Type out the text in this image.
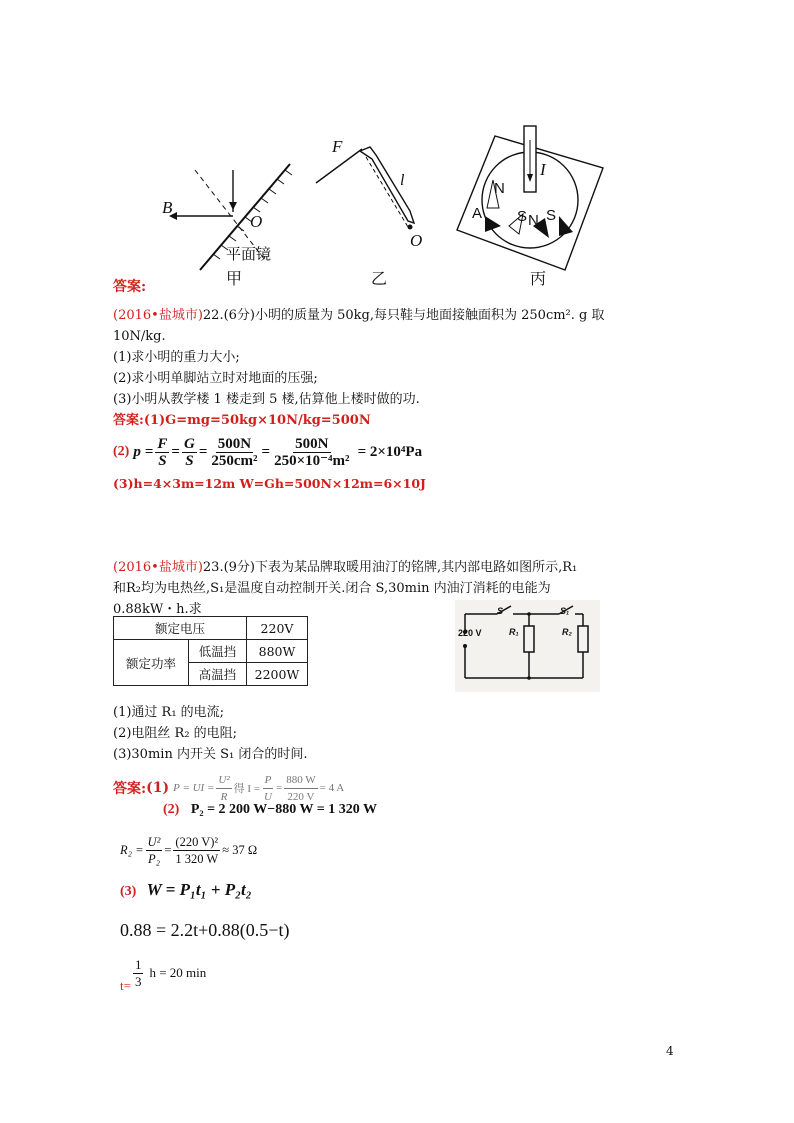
B
O
平面镜
甲
F
l
O
乙
I
N
A S N S
丙
答案:
(2016•盐城市)22.(6分)小明的质量为 50kg,每只鞋与地面接触面积为 250cm². g 取
10N/kg.
(1)求小明的重力大小;
(2)求小明单脚站立时对地面的压强;
(3)小明从教学楼 1 楼走到 5 楼,估算他上楼时做的功.
答案:(1)G=mg=50kg×10N/kg=500N
(2) $p = \frac{F}{S} = \frac{G}{S} = \frac{500N}{\text{250cm²}} = \frac{500N}{\text{250×10⁻⁴m²}} = 2\times 10^4Pa$
(3)h=4×3m=12m W=Gh=500N×12m=6×10J
(2016•盐城市)23.(9分)下表为某品牌取暖用油汀的铭牌,其内部电路如图所示,R₁
和R₂均为电热丝,S₁是温度自动控制开关.闭合 S,30min 内油汀消耗的电能为
0.88kW・h.求
额定电压		220V
额定功率	低温挡	880W
	高温挡	2200W
S	S₁
220 V	R₁	R₂
(1)通过 R₁ 的电流;
(2)电阻丝 R₂ 的电阻;
(3)30min 内开关 S₁ 闭合的时间.
答案: (1) P = UI = $\frac{\text{U²}}{R}$ 得 $I = \frac{P}{U} = \frac{880 W}{220 V} = 4$ A
(2) P₂ = 2 200 W−880 W = 1 320 W
$R_2 = \frac{\text{U²}}{\text{P₂}} = \frac{\text{(220 V)²}}{1 320 W} \approx 37$ Ω
(3) W = P₁t₁ + P₂t₂
0.88 = 2.2t+0.88(0.5−t)
$t= \frac{1}{3}$ h = 20 min
4
